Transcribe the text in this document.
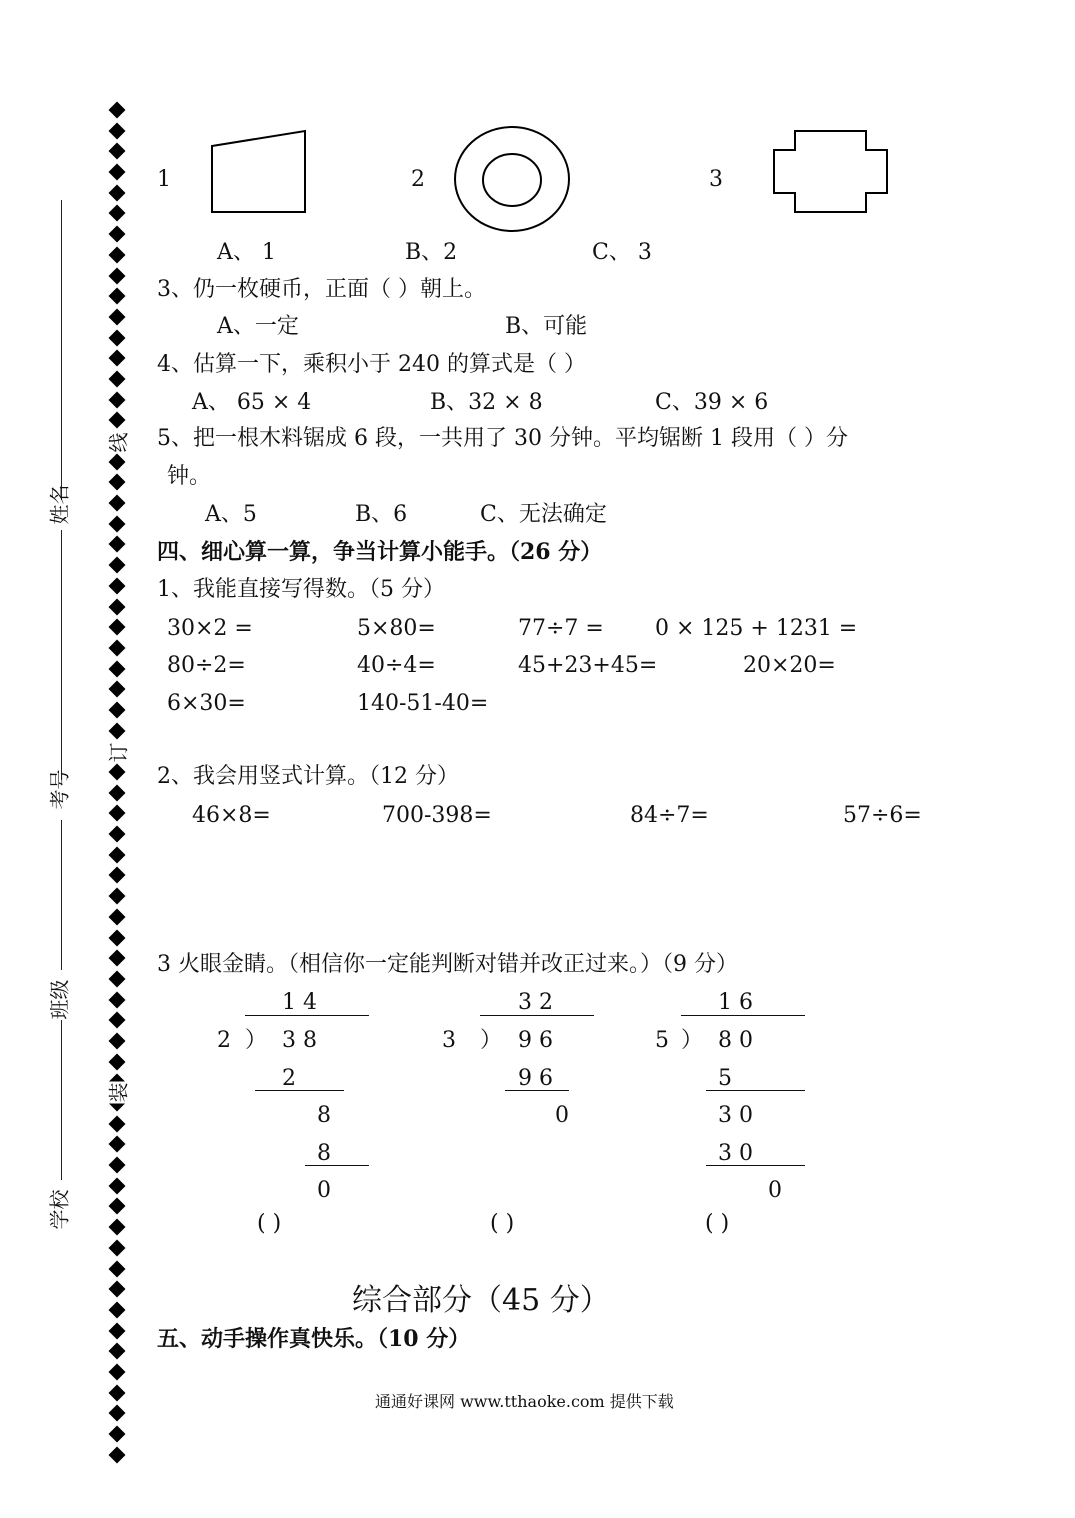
姓名
考号
班级
学校
线
订
装
1	2	3
A、 1	B、2	C、 3
3、仍一枚硬币，正面（ ）朝上。
A、一定	B、可能
4、估算一下，乘积小于 240 的算式是（ ）
A、 65 × 4	B、32 × 8	C、39 × 6
5、把一根木料锯成 6 段，一共用了 30 分钟。平均锯断 1 段用（ ）分
钟。
A、5	B、6	C、无法确定
四、细心算一算，争当计算小能手。（26 分）
1、我能直接写得数。（5 分）
30×2 =	5×80=	77÷7 = 0 × 125 + 1231 =
80÷2=	40÷4=	45+23+45=	20×20=
6×30=	140-51-40=
2、我会用竖式计算。（12 分）
46×8=	700-398=	84÷7=	57÷6=
3 火眼金睛。（相信你一定能判断对错并改正过来。）（9 分）
1 4
2 ） 3 8
2
8
8
0
( )
3 2
3 ） 9 6
9 6
0
( )
1 6
5 ） 8 0
5
3 0
3 0
0
( )
综合部分（45 分）
五、动手操作真快乐。（10 分）
通通好课网 www.tthaoke.com 提供下载
